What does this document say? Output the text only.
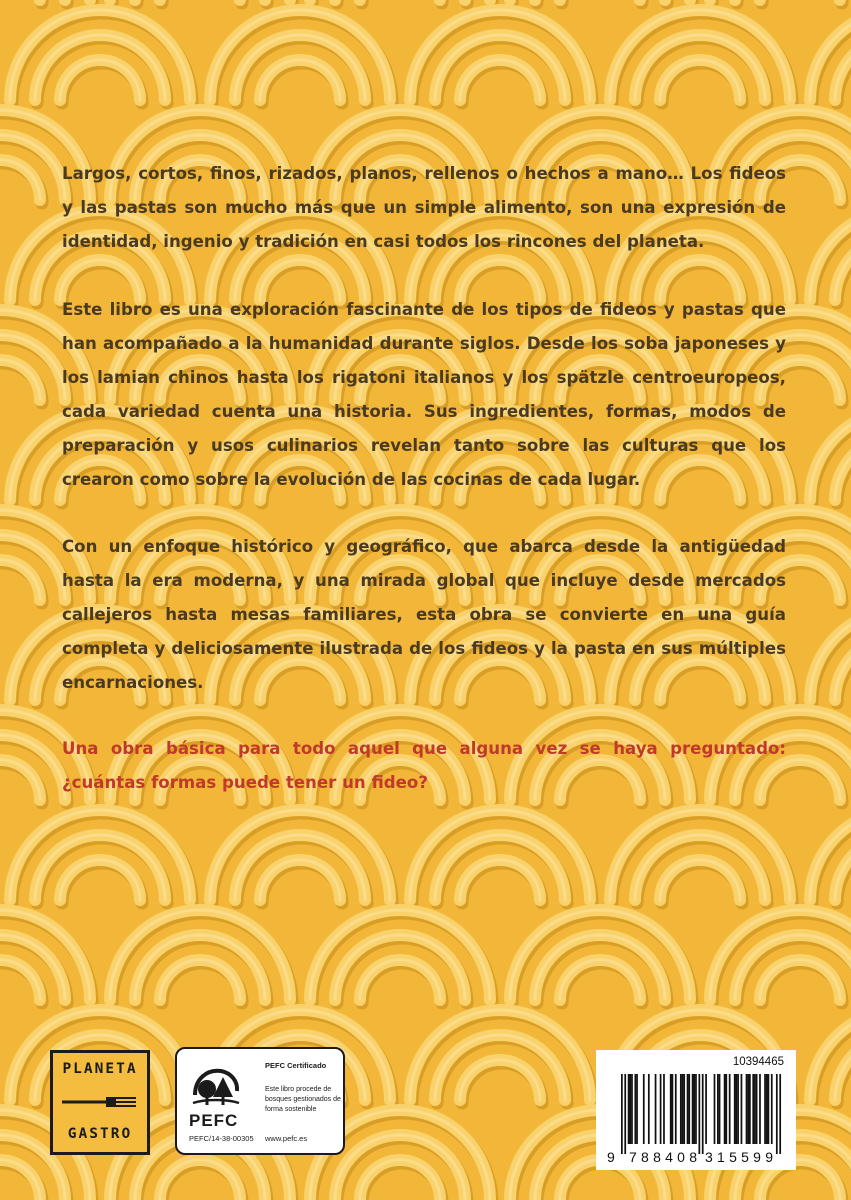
Largos, cortos, finos, rizados, planos, rellenos o hechos a mano… Los fideos y las pastas son mucho más que un simple alimento, son una expresión de identidad, ingenio y tradición en casi todos los rincones del planeta.

Este libro es una exploración fascinante de los tipos de fideos y pastas que han acompañado a la humanidad durante siglos. Desde los soba japoneses y los lamian chinos hasta los rigatoni italianos y los spätzle centroeuropeos, cada variedad cuenta una historia. Sus ingredientes, formas, modos de preparación y usos culinarios revelan tanto sobre las culturas que los crearon como sobre la evolución de las cocinas de cada lugar.

Con un enfoque histórico y geográfico, que abarca desde la antigüedad hasta la era moderna, y una mirada global que incluye desde mercados callejeros hasta mesas familiares, esta obra se convierte en una guía completa y deliciosamente ilustrada de los fideos y la pasta en sus múltiples encarnaciones.

Una obra básica para todo aquel que alguna vez se haya preguntado: ¿cuántas formas puede tener un fideo?

PLANETA
GASTRO
PEFC
PEFC/14-38-00305
PEFC Certificado
Este libro procede de bosques gestionados de forma sostenible
www.pefc.es
10394465
9 788408 315599
